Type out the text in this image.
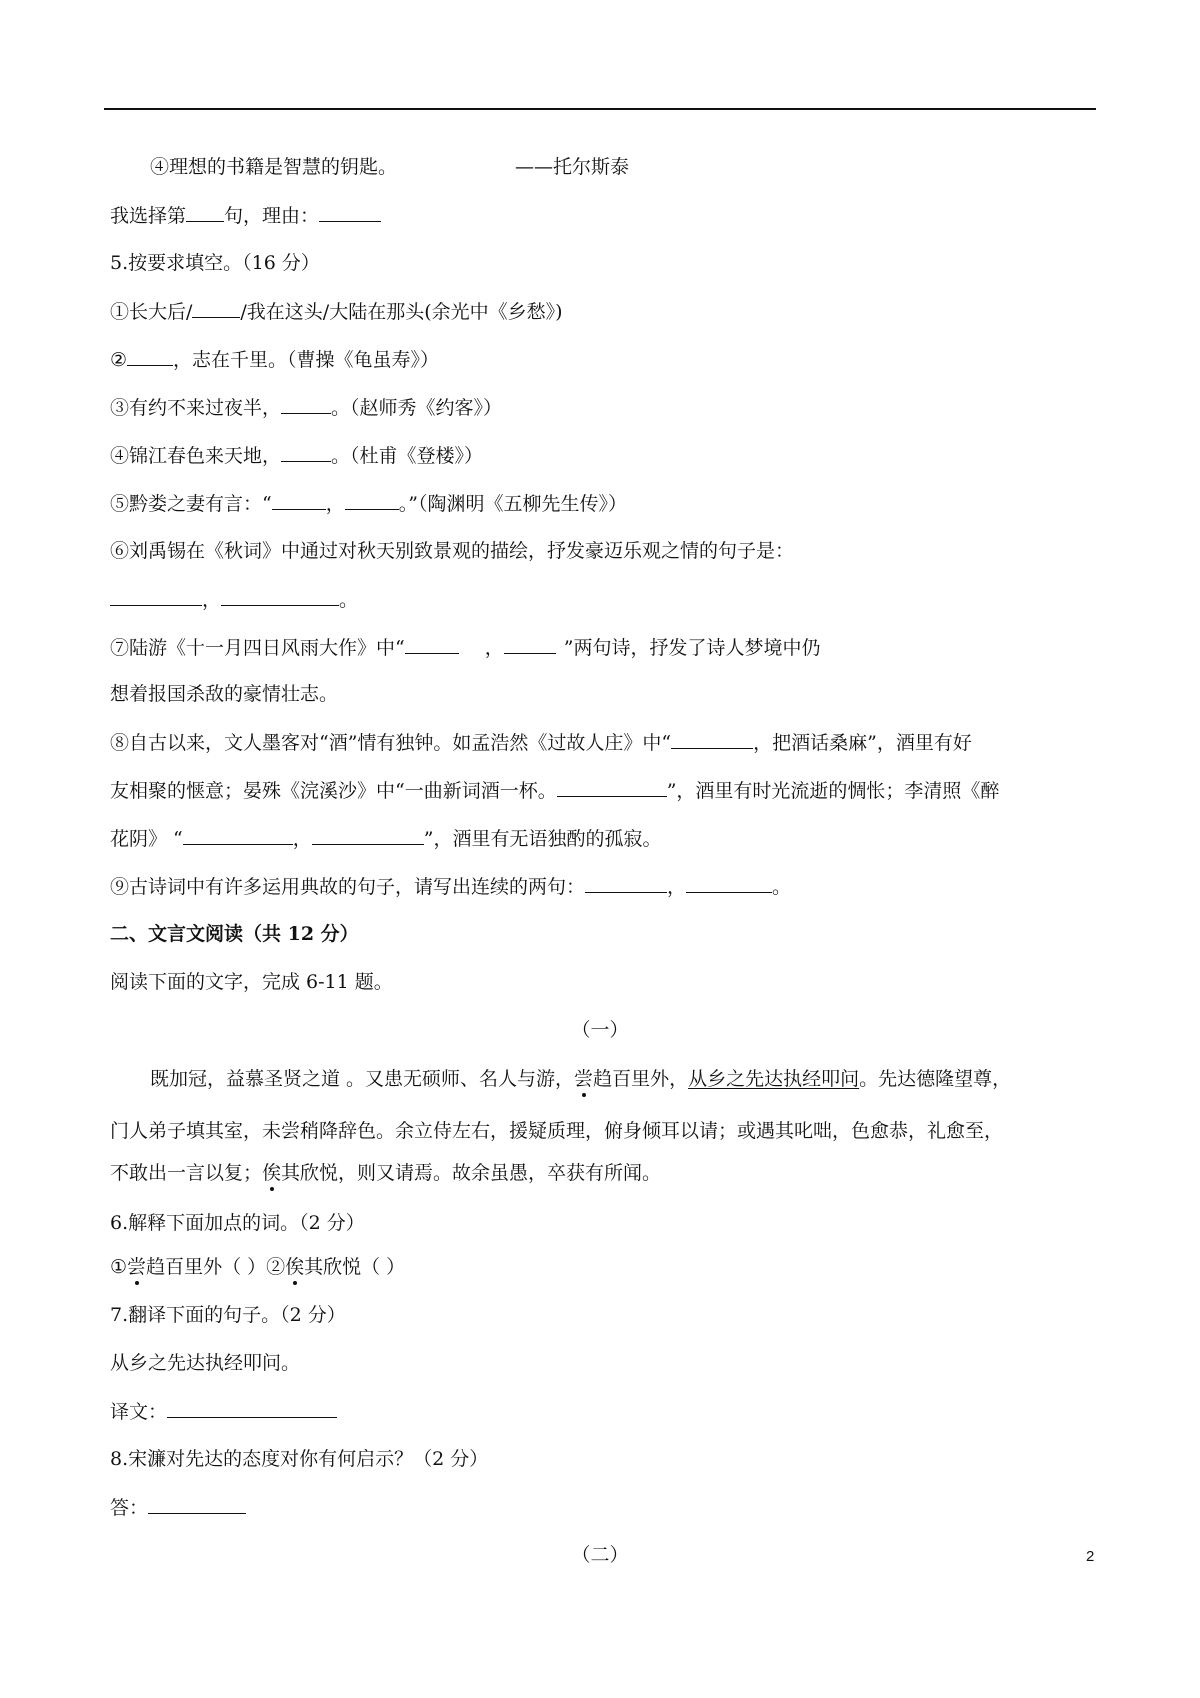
④理想的书籍是智慧的钥匙。	——托尔斯泰
我选择第 句，理由：
5.按要求填空。（16 分）
①长大后/	/我在这头/大陆在那头(余光中《乡愁》)
② ，志在千里。（曹操《龟虽寿》）
③有约不来过夜半，	。（赵师秀《约客》）
④锦江春色来天地，	。（杜甫《登楼》）
⑤黔娄之妻有言：“	，	。”（陶渊明《五柳先生传》）
⑥刘禹锡在《秋词》中通过对秋天别致景观的描绘，抒发豪迈乐观之情的句子是：
，	。
⑦陆游《十一月四日风雨大作》中“	，	”两句诗，抒发了诗人梦境中仍
想着报国杀敌的豪情壮志。
⑧自古以来，文人墨客对“酒”情有独钟。如孟浩然《过故人庄》中“	，把酒话桑麻”，酒里有好
友相聚的惬意；晏殊《浣溪沙》中“一曲新词酒一杯。	”，酒里有时光流逝的惆怅；李清照《醉
花阴》 “	，	”，酒里有无语独酌的孤寂。
⑨古诗词中有许多运用典故的句子，请写出连续的两句：	，	。
二、文言文阅读（共 12 分）
阅读下面的文字，完成 6-11 题。
（一）
既加冠，益慕圣贤之道 。又患无硕师、名人与游，尝趋百里外，从乡之先达执经叩问。先达德隆望尊，
门人弟子填其室，未尝稍降辞色。余立侍左右，援疑质理，俯身倾耳以请；或遇其叱咄，色愈恭，礼愈至，
不敢出一言以复；俟其欣悦，则又请焉。故余虽愚，卒获有所闻。
6.解释下面加点的词。（2 分）
①尝趋百里外（ ）②俟其欣悦（ ）
7.翻译下面的句子。（2 分）
从乡之先达执经叩问。
译文：
8.宋濂对先达的态度对你有何启示？（2 分）
答：
（二）	2
